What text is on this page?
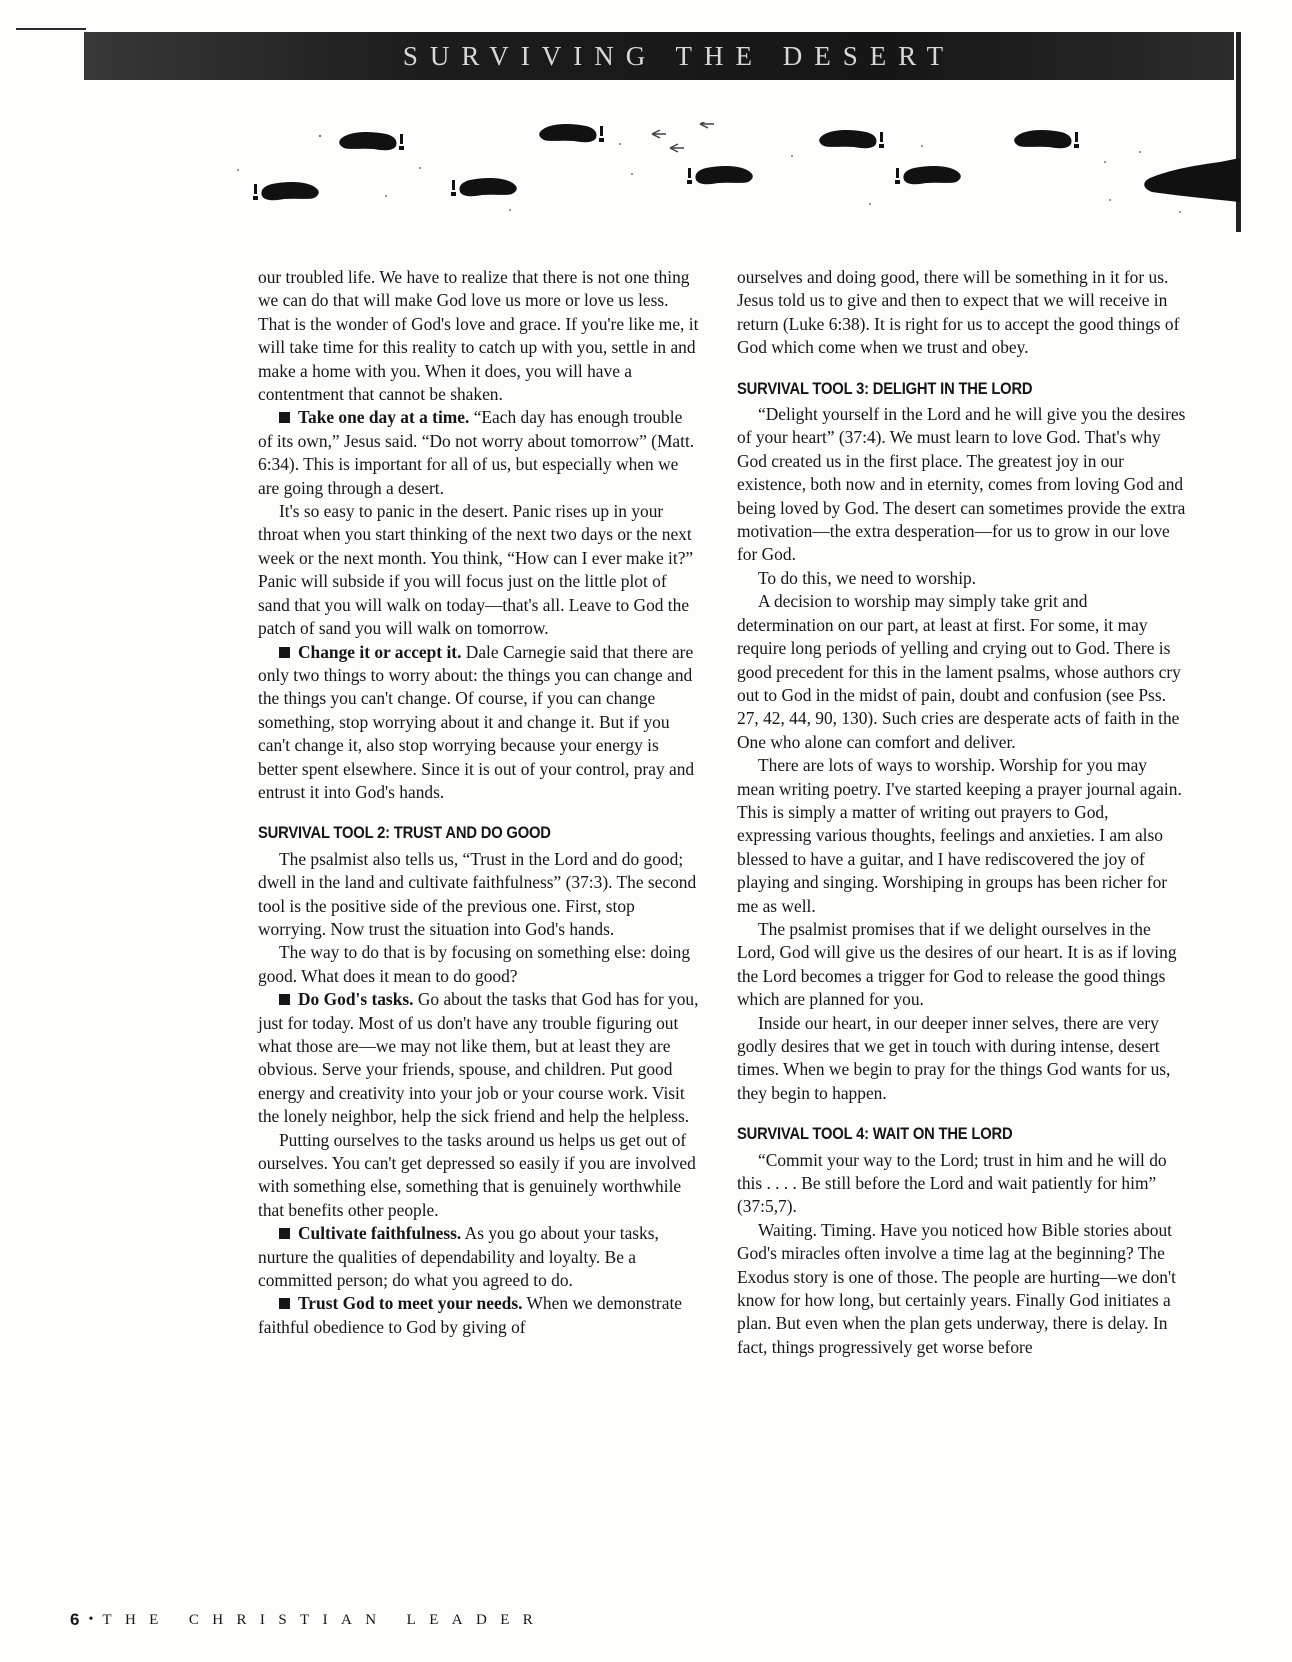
SURVIVING THE DESERT

our troubled life. We have to realize that there is not one thing we can do that will make God love us more or love us less. That is the wonder of God's love and grace. If you're like me, it will take time for this reality to catch up with you, settle in and make a home with you. When it does, you will have a contentment that cannot be shaken.

Take one day at a time. “Each day has enough trouble of its own,” Jesus said. “Do not worry about tomorrow” (Matt. 6:34). This is important for all of us, but especially when we are going through a desert.

It's so easy to panic in the desert. Panic rises up in your throat when you start thinking of the next two days or the next week or the next month. You think, “How can I ever make it?” Panic will subside if you will focus just on the little plot of sand that you will walk on today—that's all. Leave to God the patch of sand you will walk on tomorrow.

Change it or accept it. Dale Carnegie said that there are only two things to worry about: the things you can change and the things you can't change. Of course, if you can change something, stop worrying about it and change it. But if you can't change it, also stop worrying because your energy is better spent elsewhere. Since it is out of your control, pray and entrust it into God's hands.

SURVIVAL TOOL 2: TRUST AND DO GOOD

The psalmist also tells us, “Trust in the Lord and do good; dwell in the land and cultivate faithfulness” (37:3). The second tool is the positive side of the previous one. First, stop worrying. Now trust the situation into God's hands.

The way to do that is by focusing on something else: doing good. What does it mean to do good?

Do God's tasks. Go about the tasks that God has for you, just for today. Most of us don't have any trouble figuring out what those are—we may not like them, but at least they are obvious. Serve your friends, spouse, and children. Put good energy and creativity into your job or your course work. Visit the lonely neighbor, help the sick friend and help the helpless.

Putting ourselves to the tasks around us helps us get out of ourselves. You can't get depressed so easily if you are involved with something else, something that is genuinely worthwhile that benefits other people.

Cultivate faithfulness. As you go about your tasks, nurture the qualities of dependability and loyalty. Be a committed person; do what you agreed to do.

Trust God to meet your needs. When we demonstrate faithful obedience to God by giving of

ourselves and doing good, there will be something in it for us. Jesus told us to give and then to expect that we will receive in return (Luke 6:38). It is right for us to accept the good things of God which come when we trust and obey.

SURVIVAL TOOL 3: DELIGHT IN THE LORD

“Delight yourself in the Lord and he will give you the desires of your heart” (37:4). We must learn to love God. That's why God created us in the first place. The greatest joy in our existence, both now and in eternity, comes from loving God and being loved by God. The desert can sometimes provide the extra motivation—the extra desperation—for us to grow in our love for God.

To do this, we need to worship.

A decision to worship may simply take grit and determination on our part, at least at first. For some, it may require long periods of yelling and crying out to God. There is good precedent for this in the lament psalms, whose authors cry out to God in the midst of pain, doubt and confusion (see Pss. 27, 42, 44, 90, 130). Such cries are desperate acts of faith in the One who alone can comfort and deliver.

There are lots of ways to worship. Worship for you may mean writing poetry. I've started keeping a prayer journal again. This is simply a matter of writing out prayers to God, expressing various thoughts, feelings and anxieties. I am also blessed to have a guitar, and I have rediscovered the joy of playing and singing. Worshiping in groups has been richer for me as well.

The psalmist promises that if we delight ourselves in the Lord, God will give us the desires of our heart. It is as if loving the Lord becomes a trigger for God to release the good things which are planned for you.

Inside our heart, in our deeper inner selves, there are very godly desires that we get in touch with during intense, desert times. When we begin to pray for the things God wants for us, they begin to happen.

SURVIVAL TOOL 4: WAIT ON THE LORD

“Commit your way to the Lord; trust in him and he will do this . . . . Be still before the Lord and wait patiently for him” (37:5,7).

Waiting. Timing. Have you noticed how Bible stories about God's miracles often involve a time lag at the beginning? The Exodus story is one of those. The people are hurting—we don't know for how long, but certainly years. Finally God initiates a plan. But even when the plan gets underway, there is delay. In fact, things progressively get worse before

6 • THE CHRISTIAN LEADER
